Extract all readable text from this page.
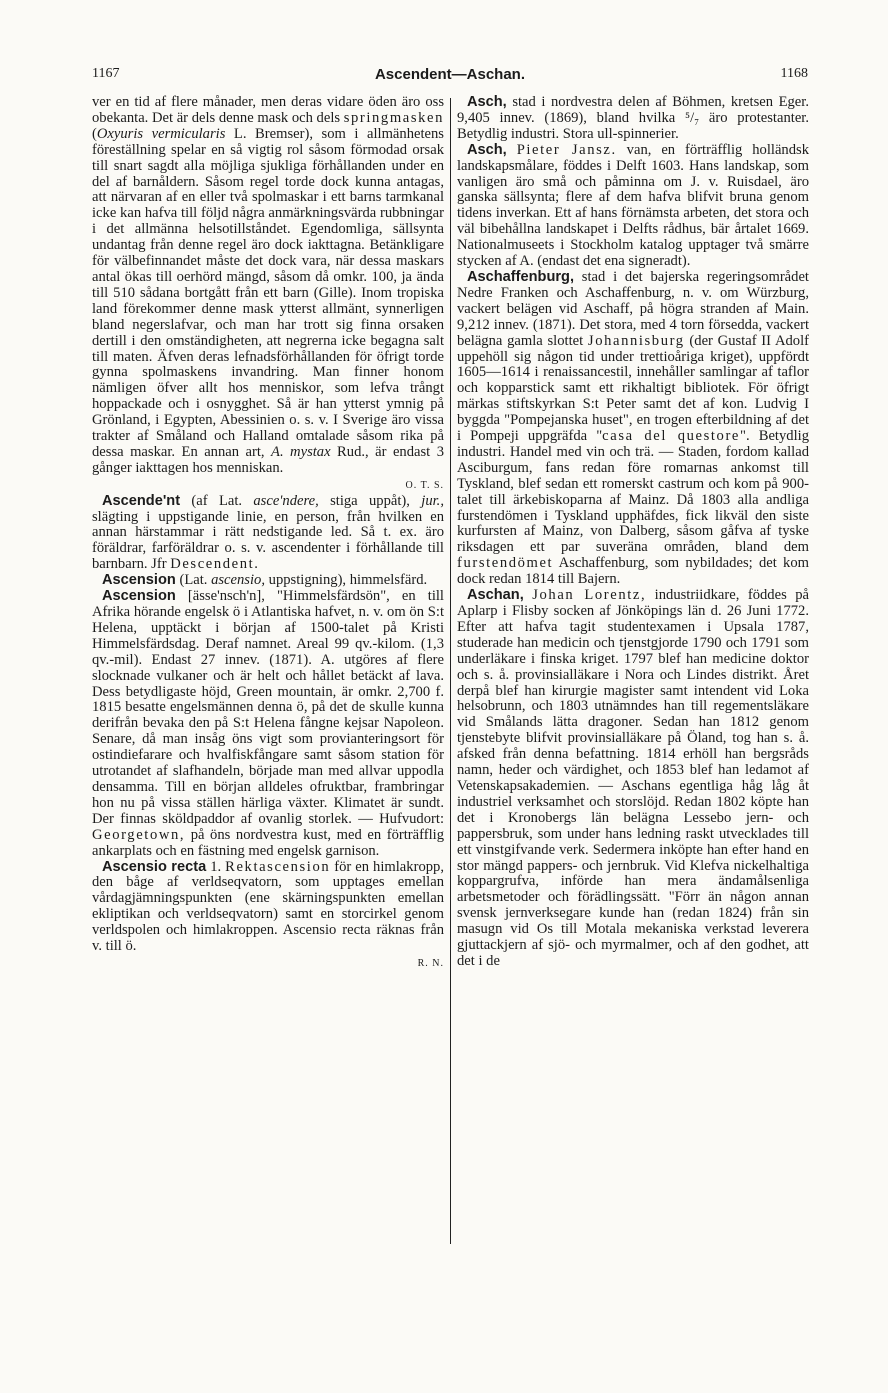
1167	Ascendent—Aschan.	1168

ver en tid af flere månader, men deras vidare öden äro oss obekanta. Det är dels denne mask och dels springmasken (Oxyuris vermicularis L. Bremser), som i allmänhetens föreställning spelar en så vigtig rol såsom förmodad orsak till snart sagdt alla möjliga sjukliga förhållanden under en del af barnåldern. Såsom regel torde dock kunna antagas, att närvaran af en eller två spolmaskar i ett barns tarmkanal icke kan hafva till följd några anmärkningsvärda rubbningar i det allmänna helsotillståndet. Egendomliga, sällsynta undantag från denne regel äro dock iakttagna. Betänkligare för välbefinnandet måste det dock vara, när dessa maskars antal ökas till oerhörd mängd, såsom då omkr. 100, ja ända till 510 sådana bortgått från ett barn (Gille). Inom tropiska land förekommer denne mask ytterst allmänt, synnerligen bland negerslafvar, och man har trott sig finna orsaken dertill i den omständigheten, att negrerna icke begagna salt till maten. Äfven deras lefnadsförhållanden för öfrigt torde gynna spolmaskens invandring. Man finner honom nämligen öfver allt hos menniskor, som lefva trångt hoppackade och i osnygghet. Så är han ytterst ymnig på Grönland, i Egypten, Abessinien o. s. v. I Sverige äro vissa trakter af Småland och Halland omtalade såsom rika på dessa maskar. En annan art, A. mystax Rud., är endast 3 gånger iakttagen hos menniskan.

O. T. S.

Ascende'nt (af Lat. asce'ndere, stiga uppåt), jur., slägting i uppstigande linie, en person, från hvilken en annan härstammar i rätt nedstigande led. Så t. ex. äro föräldrar, farföräldrar o. s. v. ascendenter i förhållande till barnbarn. Jfr Descendent.

Ascension (Lat. ascensio, uppstigning), himmelsfärd.

Ascension [ässe'nsch'n], "Himmelsfärdsön", en till Afrika hörande engelsk ö i Atlantiska hafvet, n. v. om ön S:t Helena, upptäckt i början af 1500-talet på Kristi Himmelsfärdsdag. Deraf namnet. Areal 99 qv.-kilom. (1,3 qv.-mil). Endast 27 innev. (1871). A. utgöres af flere slocknade vulkaner och är helt och hållet betäckt af lava. Dess betydligaste höjd, Green mountain, är omkr. 2,700 f. 1815 besatte engelsmännen denna ö, på det de skulle kunna derifrån bevaka den på S:t Helena fångne kejsar Napoleon. Senare, då man insåg öns vigt som provianteringsort för ostindiefarare och hvalfiskfångare samt såsom station för utrotandet af slafhandeln, började man med allvar uppodla densamma. Till en början alldeles ofruktbar, frambringar hon nu på vissa ställen härliga växter. Klimatet är sundt. Der finnas sköldpaddor af ovanlig storlek. — Hufvudort: Georgetown, på öns nordvestra kust, med en förträfflig ankarplats och en fästning med engelsk garnison.

Ascensio recta 1. Rektascension för en himlakropp, den båge af verldseqvatorn, som upptages emellan vårdagjämningspunkten (ene skärningspunkten emellan ekliptikan och verldseqvatorn) samt en storcirkel genom verldspolen och himlakroppen. Ascensio recta räknas från v. till ö.

R. N.

Asch, stad i nordvestra delen af Böhmen, kretsen Eger. 9,405 innev. (1869), bland hvilka ⁵/₇ äro protestanter. Betydlig industri. Stora ull-spinnerier.

Asch, Pieter Jansz. van, en förträfflig holländsk landskapsmålare, föddes i Delft 1603. Hans landskap, som vanligen äro små och påminna om J. v. Ruisdael, äro ganska sällsynta; flere af dem hafva blifvit bruna genom tidens inverkan. Ett af hans förnämsta arbeten, det stora och väl bibehållna landskapet i Delfts rådhus, bär årtalet 1669. Nationalmuseets i Stockholm katalog upptager två smärre stycken af A. (endast det ena signeradt).

Aschaffenburg, stad i det bajerska regeringsområdet Nedre Franken och Aschaffenburg, n. v. om Würzburg, vackert belägen vid Aschaff, på högra stranden af Main. 9,212 innev. (1871). Det stora, med 4 torn försedda, vackert belägna gamla slottet Johannisburg (der Gustaf II Adolf uppehöll sig någon tid under trettioåriga kriget), uppfördt 1605—1614 i renaissancestil, innehåller samlingar af taflor och kopparstick samt ett rikhaltigt bibliotek. För öfrigt märkas stiftskyrkan S:t Peter samt det af kon. Ludvig I byggda "Pompejanska huset", en trogen efterbildning af det i Pompeji uppgräfda "casa del questore". Betydlig industri. Handel med vin och trä. — Staden, fordom kallad Asciburgum, fans redan före romarnas ankomst till Tyskland, blef sedan ett romerskt castrum och kom på 900-talet till ärkebiskoparna af Mainz. Då 1803 alla andliga furstendömen i Tyskland upphäfdes, fick likväl den siste kurfursten af Mainz, von Dalberg, såsom gåfva af tyske riksdagen ett par suveräna områden, bland dem furstendömet Aschaffenburg, som nybildades; det kom dock redan 1814 till Bajern.

Aschan, Johan Lorentz, industriidkare, föddes på Aplarp i Flisby socken af Jönköpings län d. 26 Juni 1772. Efter att hafva tagit studentexamen i Upsala 1787, studerade han medicin och tjenstgjorde 1790 och 1791 som underläkare i finska kriget. 1797 blef han medicine doktor och s. å. provinsialläkare i Nora och Lindes distrikt. Året derpå blef han kirurgie magister samt intendent vid Loka helsobrunn, och 1803 utnämndes han till regementsläkare vid Smålands lätta dragoner. Sedan han 1812 genom tjenstebyte blifvit provinsialläkare på Öland, tog han s. å. afsked från denna befattning. 1814 erhöll han bergsråds namn, heder och värdighet, och 1853 blef han ledamot af Vetenskapsakademien. — Aschans egentliga håg låg åt industriel verksamhet och storslöjd. Redan 1802 köpte han det i Kronobergs län belägna Lessebo jern- och pappersbruk, som under hans ledning raskt utvecklades till ett vinstgifvande verk. Sedermera inköpte han efter hand en stor mängd pappers- och jernbruk. Vid Klefva nickelhaltiga koppargrufva, införde han mera ändamålsenliga arbetsmetoder och förädlingssätt. "Förr än någon annan svensk jernverksegare kunde han (redan 1824) från sin masugn vid Os till Motala mekaniska verkstad leverera gjuttackjern af sjö- och myrmalmer, och af den godhet, att det i de
